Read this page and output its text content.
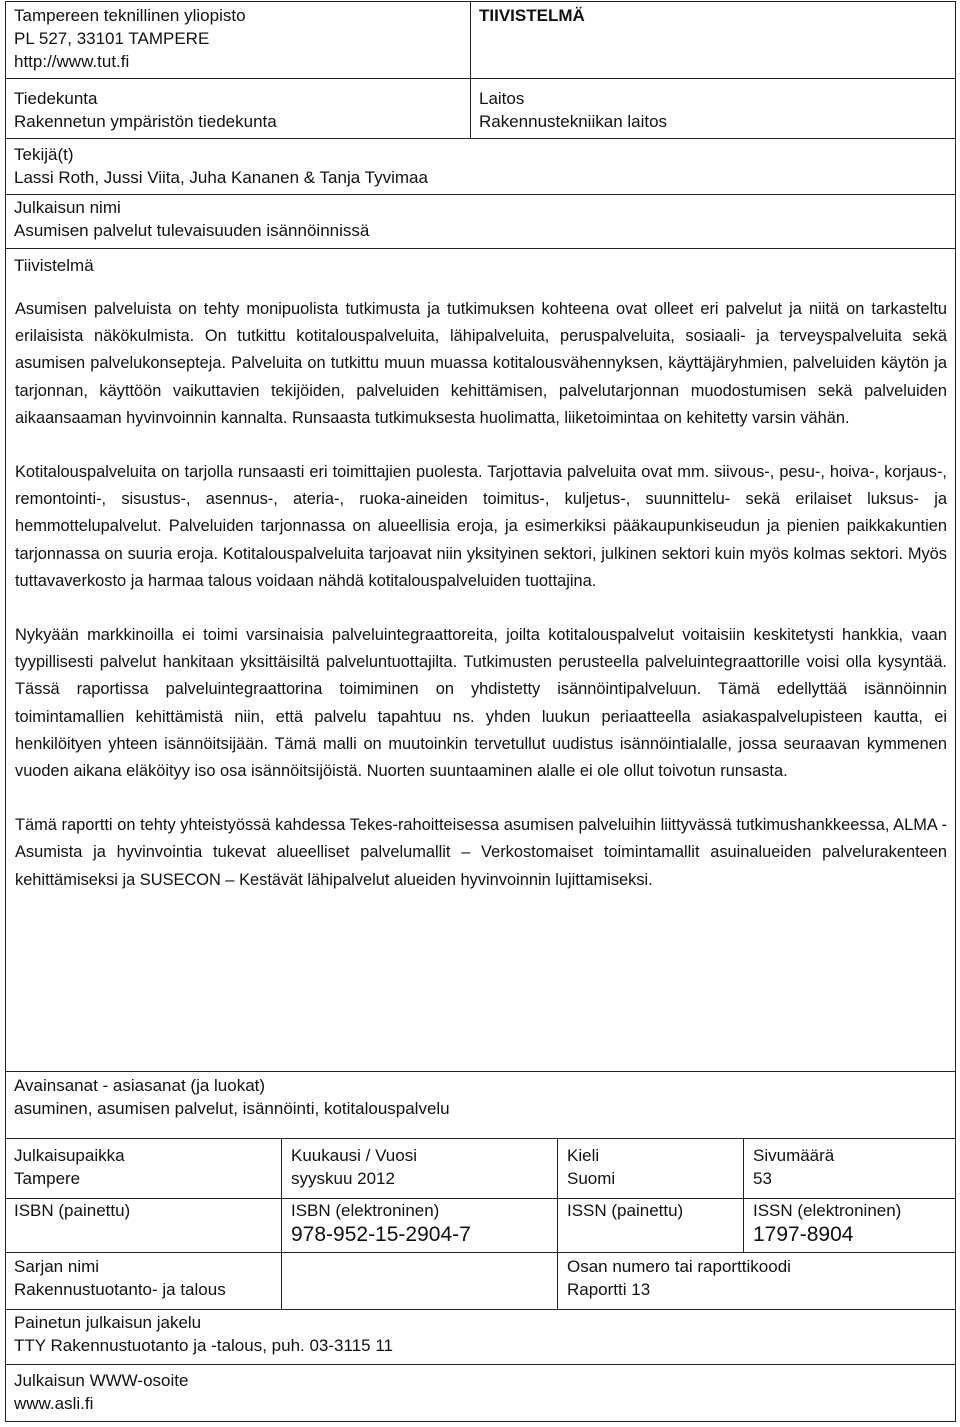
Tampereen teknillinen yliopisto
PL 527, 33101 TAMPERE
http://www.tut.fi
TIIVISTELMÄ
Tiedekunta
Rakennetun ympäristön tiedekunta
Laitos
Rakennustekniikan laitos
Tekijä(t)
Lassi Roth, Jussi Viita, Juha Kananen & Tanja Tyvimaa
Julkaisun nimi
Asumisen palvelut tulevaisuuden isännöinnissä
Tiivistelmä

Asumisen palveluista on tehty monipuolista tutkimusta ja tutkimuksen kohteena ovat olleet eri palvelut ja niitä on tarkasteltu erilaisista näkökulmista. On tutkittu kotitalouspalveluita, lähipalveluita, peruspalveluita, sosiaali- ja terveyspalveluita sekä asumisen palvelukonsepteja. Palveluita on tutkittu muun muassa kotitalousvähennyksen, käyttäjäryhmien, palveluiden käytön ja tarjonnan, käyttöön vaikuttavien tekijöiden, palveluiden kehittämisen, palvelutarjonnan muodostumisen sekä palveluiden aikaansaaman hyvinvoinnin kannalta. Runsaasta tutkimuksesta huolimatta, liiketoimintaa on kehitetty varsin vähän.

Kotitalouspalveluita on tarjolla runsaasti eri toimittajien puolesta. Tarjottavia palveluita ovat mm. siivous-, pesu-, hoiva-, korjaus-, remontointi-, sisustus-, asennus-, ateria-, ruoka-aineiden toimitus-, kuljetus-, suunnittelu- sekä erilaiset luksus- ja hemmottelupalvelut. Palveluiden tarjonnassa on alueellisia eroja, ja esimerkiksi pääkaupunkiseudun ja pienien paikkakuntien tarjonnassa on suuria eroja. Kotitalouspalveluita tarjoavat niin yksityinen sektori, julkinen sektori kuin myös kolmas sektori. Myös tuttavaverkosto ja harmaa talous voidaan nähdä kotitalouspalveluiden tuottajina.

Nykyään markkinoilla ei toimi varsinaisia palveluintegraattoreita, joilta kotitalouspalvelut voitaisiin keskitetysti hankkia, vaan tyypillisesti palvelut hankitaan yksittäisiltä palveluntuottajilta. Tutkimusten perusteella palveluintegraattorille voisi olla kysyntää. Tässä raportissa palveluintegraattorina toimiminen on yhdistetty isännöintipalveluun. Tämä edellyttää isännöinnin toimintamallien kehittämistä niin, että palvelu tapahtuu ns. yhden luukun periaatteella asiakaspalvelupisteen kautta, ei henkilöityen yhteen isännöitsijään. Tämä malli on muutoinkin tervetullut uudistus isännöintialalle, jossa seuraavan kymmenen vuoden aikana eläköityy iso osa isännöitsijöistä. Nuorten suuntaaminen alalle ei ole ollut toivotun runsasta.

Tämä raportti on tehty yhteistyössä kahdessa Tekes-rahoitteisessa asumisen palveluihin liittyvässä tutkimushankkeessa, ALMA - Asumista ja hyvinvointia tukevat alueelliset palvelumallit – Verkostomaiset toimintamallit asuinalueiden palvelurakenteen kehittämiseksi ja SUSECON – Kestävät lähipalvelut alueiden hyvinvoinnin lujittamiseksi.

Avainsanat - asiasanat (ja luokat)
asuminen, asumisen palvelut, isännöinti, kotitalouspalvelu
Julkaisupaikka
Tampere
Kuukausi / Vuosi
syyskuu 2012
Kieli
Suomi
Sivumäärä
53
ISBN (painettu)	ISBN (elektroninen)
978-952-15-2904-7
ISSN (painettu)	ISSN (elektroninen)
1797-8904
Sarjan nimi
Rakennustuotanto- ja talous
Osan numero tai raporttikoodi
Raportti 13
Painetun julkaisun jakelu
TTY Rakennustuotanto ja -talous, puh. 03-3115 11
Julkaisun WWW-osoite
www.asli.fi
